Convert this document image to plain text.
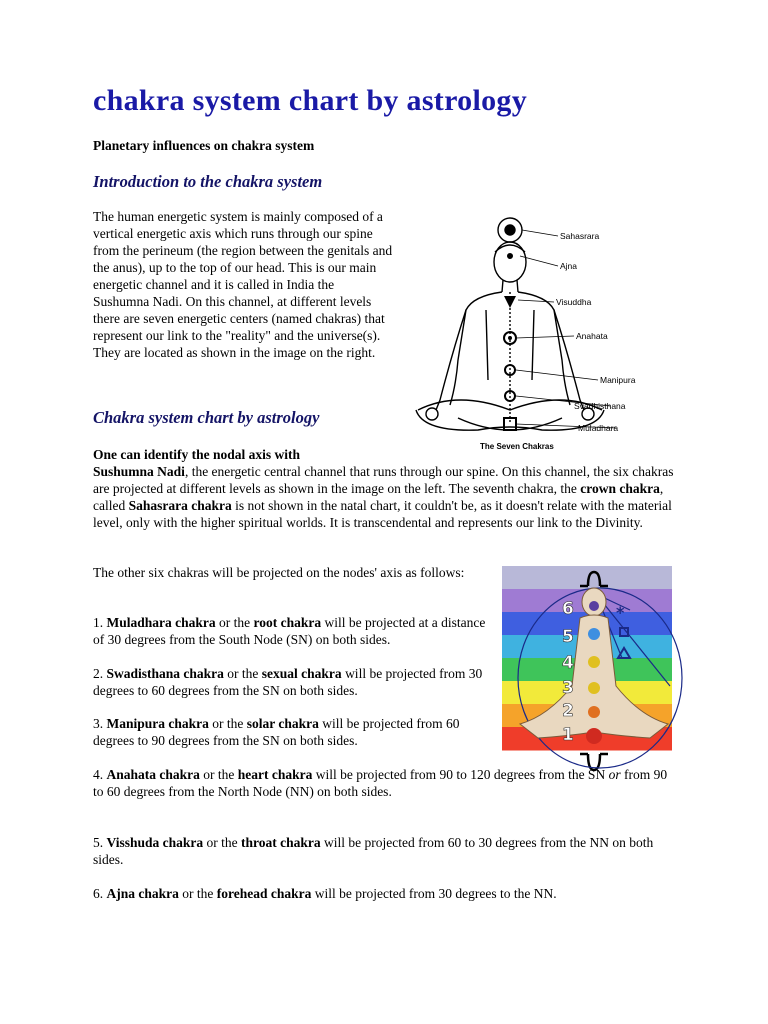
chakra system chart by astrology
Planetary influences on chakra system
Introduction to the chakra system
The human energetic system is mainly composed of a vertical energetic axis which runs through our spine from the perineum (the region between the genitals and the anus), up to the top of our head. This is our main energetic channel and it is called in India the Sushumna Nadi. On this channel, at different levels there are seven energetic centers (named chakras) that represent our link to the "reality" and the universe(s). They are located as shown in the image on the right.
Sahasrara
Ajna
Visuddha
Anahata
Manipura
Svadhisthana
Muladhara
The Seven Chakras
Chakra system chart by astrology
One can identify the nodal axis with
Sushumna Nadi, the energetic central channel that runs through our spine. On this channel, the six chakras are projected at different levels as shown in the image on the left. The seventh chakra, the crown chakra, called Sahasrara chakra is not shown in the natal chart, it couldn't be, as it doesn't relate with the material level, only with the higher spiritual worlds. It is transcendental and represents our link to the Divinity.
The other six chakras will be projected on the nodes' axis as follows:
*
6
5
4
3
2
1
1. Muladhara chakra or the root chakra will be projected at a distance of 30 degrees from the South Node (SN) on both sides.
2. Swadisthana chakra or the sexual chakra will be projected from 30 degrees to 60 degrees from the SN on both sides.
3. Manipura chakra or the solar chakra will be projected from 60 degrees to 90 degrees from the SN on both sides.
4. Anahata chakra or the heart chakra will be projected from 90 to 120 degrees from the SN or from 90 to 60 degrees from the North Node (NN) on both sides.
5. Visshuda chakra or the throat chakra will be projected from 60 to 30 degrees from the NN on both sides.
6. Ajna chakra or the forehead chakra will be projected from 30 degrees to the NN.
